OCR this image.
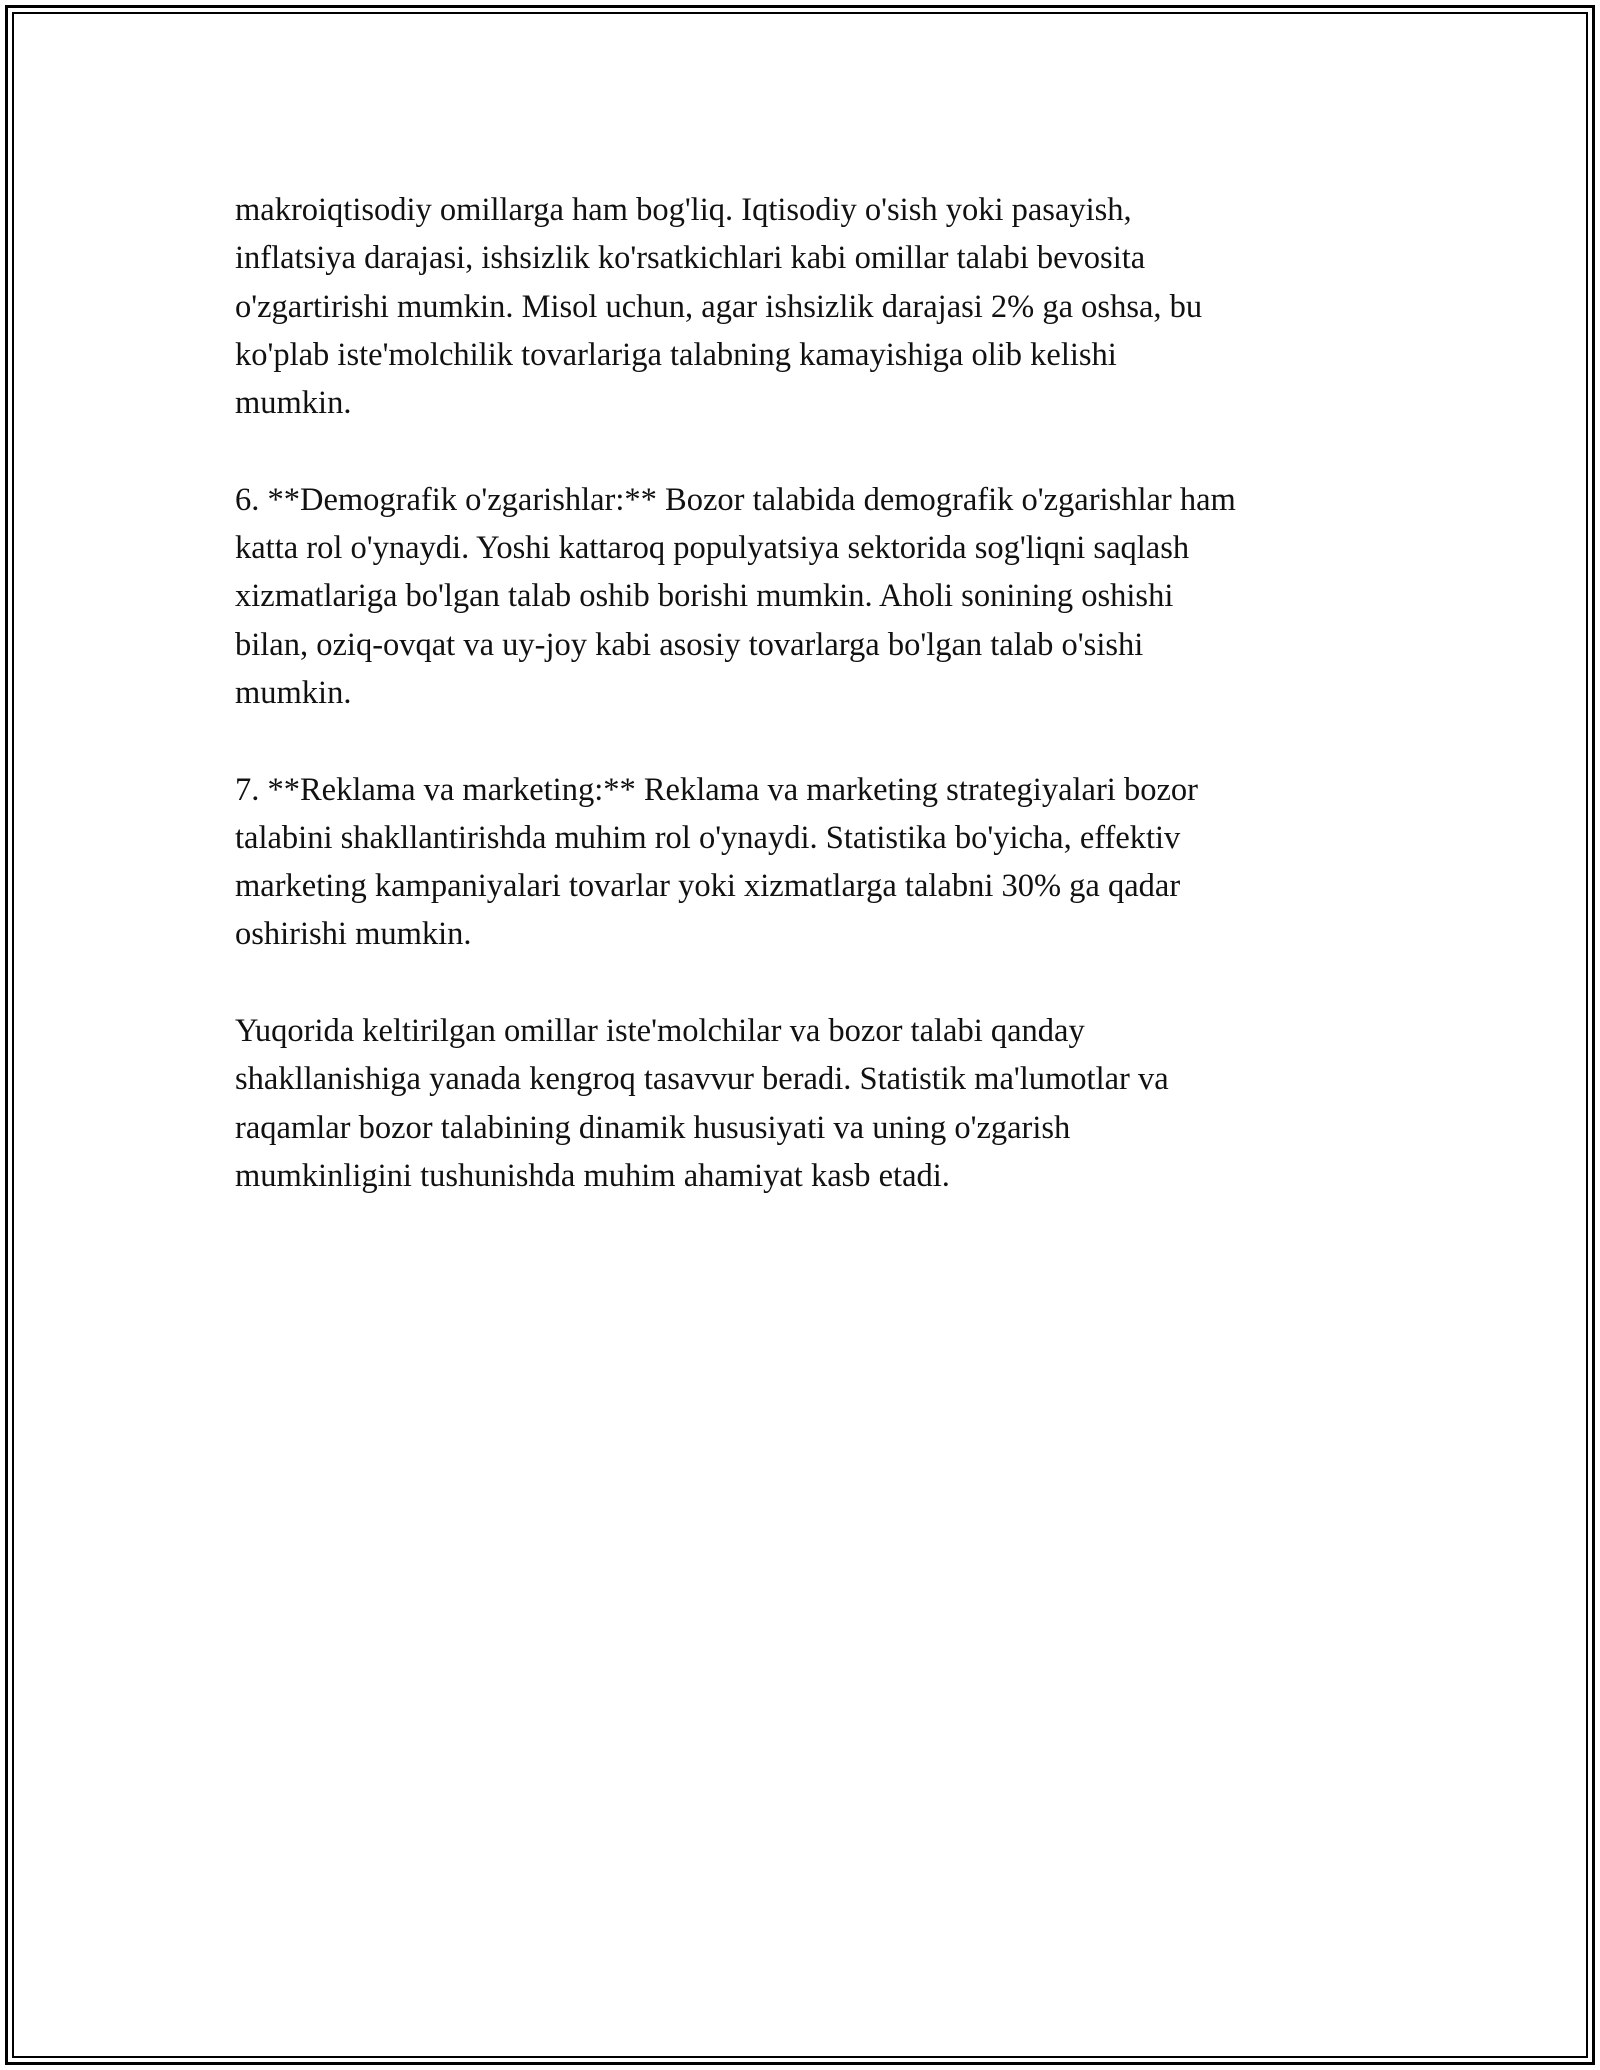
makroiqtisodiy omillarga ham bog'liq. Iqtisodiy o'sish yoki pasayish,
inflatsiya darajasi, ishsizlik ko'rsatkichlari kabi omillar talabi bevosita
o'zgartirishi mumkin. Misol uchun, agar ishsizlik darajasi 2% ga oshsa, bu
ko'plab iste'molchilik tovarlariga talabning kamayishiga olib kelishi
mumkin.

6. **Demografik o'zgarishlar:** Bozor talabida demografik o'zgarishlar ham
katta rol o'ynaydi. Yoshi kattaroq populyatsiya sektorida sog'liqni saqlash
xizmatlariga bo'lgan talab oshib borishi mumkin. Aholi sonining oshishi
bilan, oziq-ovqat va uy-joy kabi asosiy tovarlarga bo'lgan talab o'sishi
mumkin.

7. **Reklama va marketing:** Reklama va marketing strategiyalari bozor
talabini shakllantirishda muhim rol o'ynaydi. Statistika bo'yicha, effektiv
marketing kampaniyalari tovarlar yoki xizmatlarga talabni 30% ga qadar
oshirishi mumkin.

Yuqorida keltirilgan omillar iste'molchilar va bozor talabi qanday
shakllanishiga yanada kengroq tasavvur beradi. Statistik ma'lumotlar va
raqamlar bozor talabining dinamik hususiyati va uning o'zgarish
mumkinligini tushunishda muhim ahamiyat kasb etadi.
